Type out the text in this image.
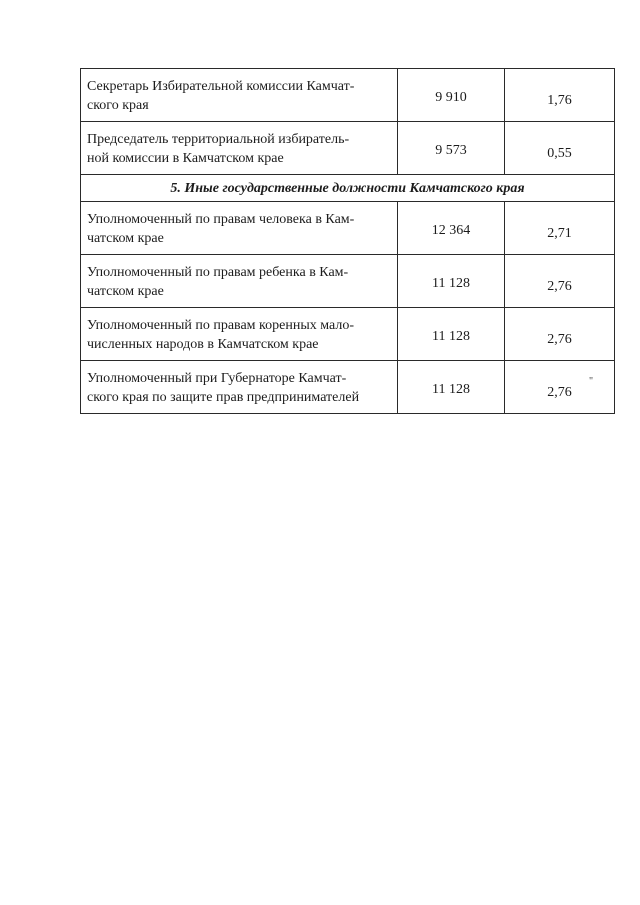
Секретарь Избирательной комиссии Камчат-
ского края	9 910	1,76

Председатель территориальной избиратель-
ной комиссии в Камчатском крае	9 573	0,55
5. Иные государственные должности Камчатского края		

Уполномоченный по правам человека в Кам-
чатском крае	12 364	2,71

Уполномоченный по правам ребенка в Кам-
чатском крае	11 128	2,76

Уполномоченный по правам коренных мало-
численных народов в Камчатском крае	11 128	2,76

Уполномоченный при Губернаторе Камчат-
ского края по защите прав предпринимателей	11 128	2,76
"
